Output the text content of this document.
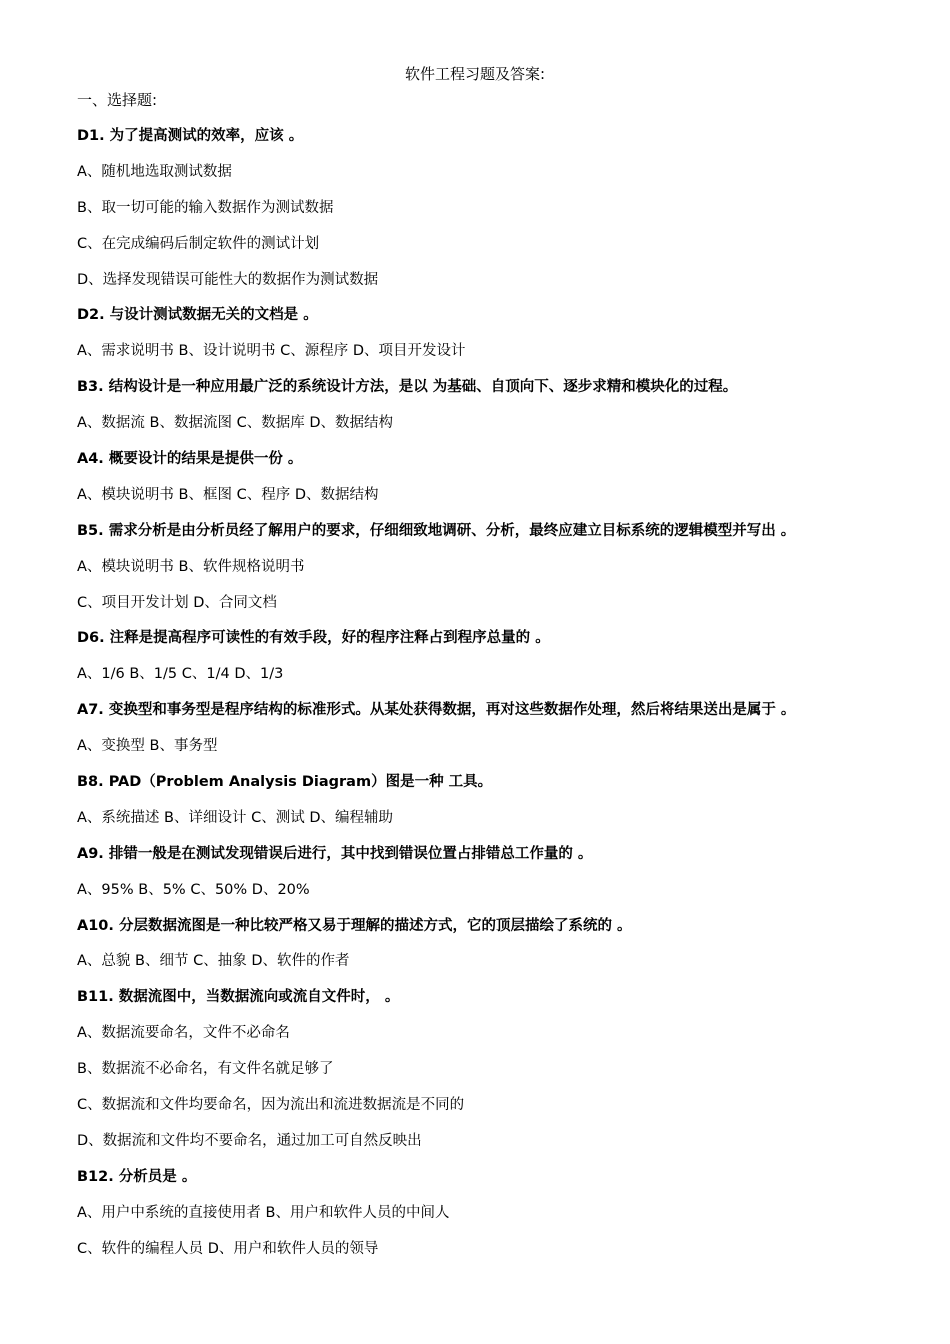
软件工程习题及答案:
一、选择题:
D1. 为了提高测试的效率，应该 。
A、随机地选取测试数据
B、取一切可能的输入数据作为测试数据
C、在完成编码后制定软件的测试计划
D、选择发现错误可能性大的数据作为测试数据
D2. 与设计测试数据无关的文档是 。
A、需求说明书 B、设计说明书 C、源程序 D、项目开发设计
B3. 结构设计是一种应用最广泛的系统设计方法，是以 为基础、自顶向下、逐步求精和模块化的过程。
A、数据流 B、数据流图 C、数据库 D、数据结构
A4. 概要设计的结果是提供一份 。
A、模块说明书 B、框图 C、程序 D、数据结构
B5. 需求分析是由分析员经了解用户的要求，仔细细致地调研、分析，最终应建立目标系统的逻辑模型并写出 。
A、模块说明书 B、软件规格说明书
C、项目开发计划 D、合同文档
D6. 注释是提高程序可读性的有效手段，好的程序注释占到程序总量的 。
A、1/6 B、1/5 C、1/4 D、1/3
A7. 变换型和事务型是程序结构的标准形式。从某处获得数据，再对这些数据作处理，然后将结果送出是属于 。
A、变换型 B、事务型
B8. PAD（Problem Analysis Diagram）图是一种 工具。
A、系统描述 B、详细设计 C、测试 D、编程辅助
A9. 排错一般是在测试发现错误后进行，其中找到错误位置占排错总工作量的 。
A、95% B、5% C、50% D、20%
A10. 分层数据流图是一种比较严格又易于理解的描述方式，它的顶层描绘了系统的 。
A、总貌 B、细节 C、抽象 D、软件的作者
B11. 数据流图中，当数据流向或流自文件时， 。
A、数据流要命名，文件不必命名
B、数据流不必命名，有文件名就足够了
C、数据流和文件均要命名，因为流出和流进数据流是不同的
D、数据流和文件均不要命名，通过加工可自然反映出
B12. 分析员是 。
A、用户中系统的直接使用者 B、用户和软件人员的中间人
C、软件的编程人员 D、用户和软件人员的领导
